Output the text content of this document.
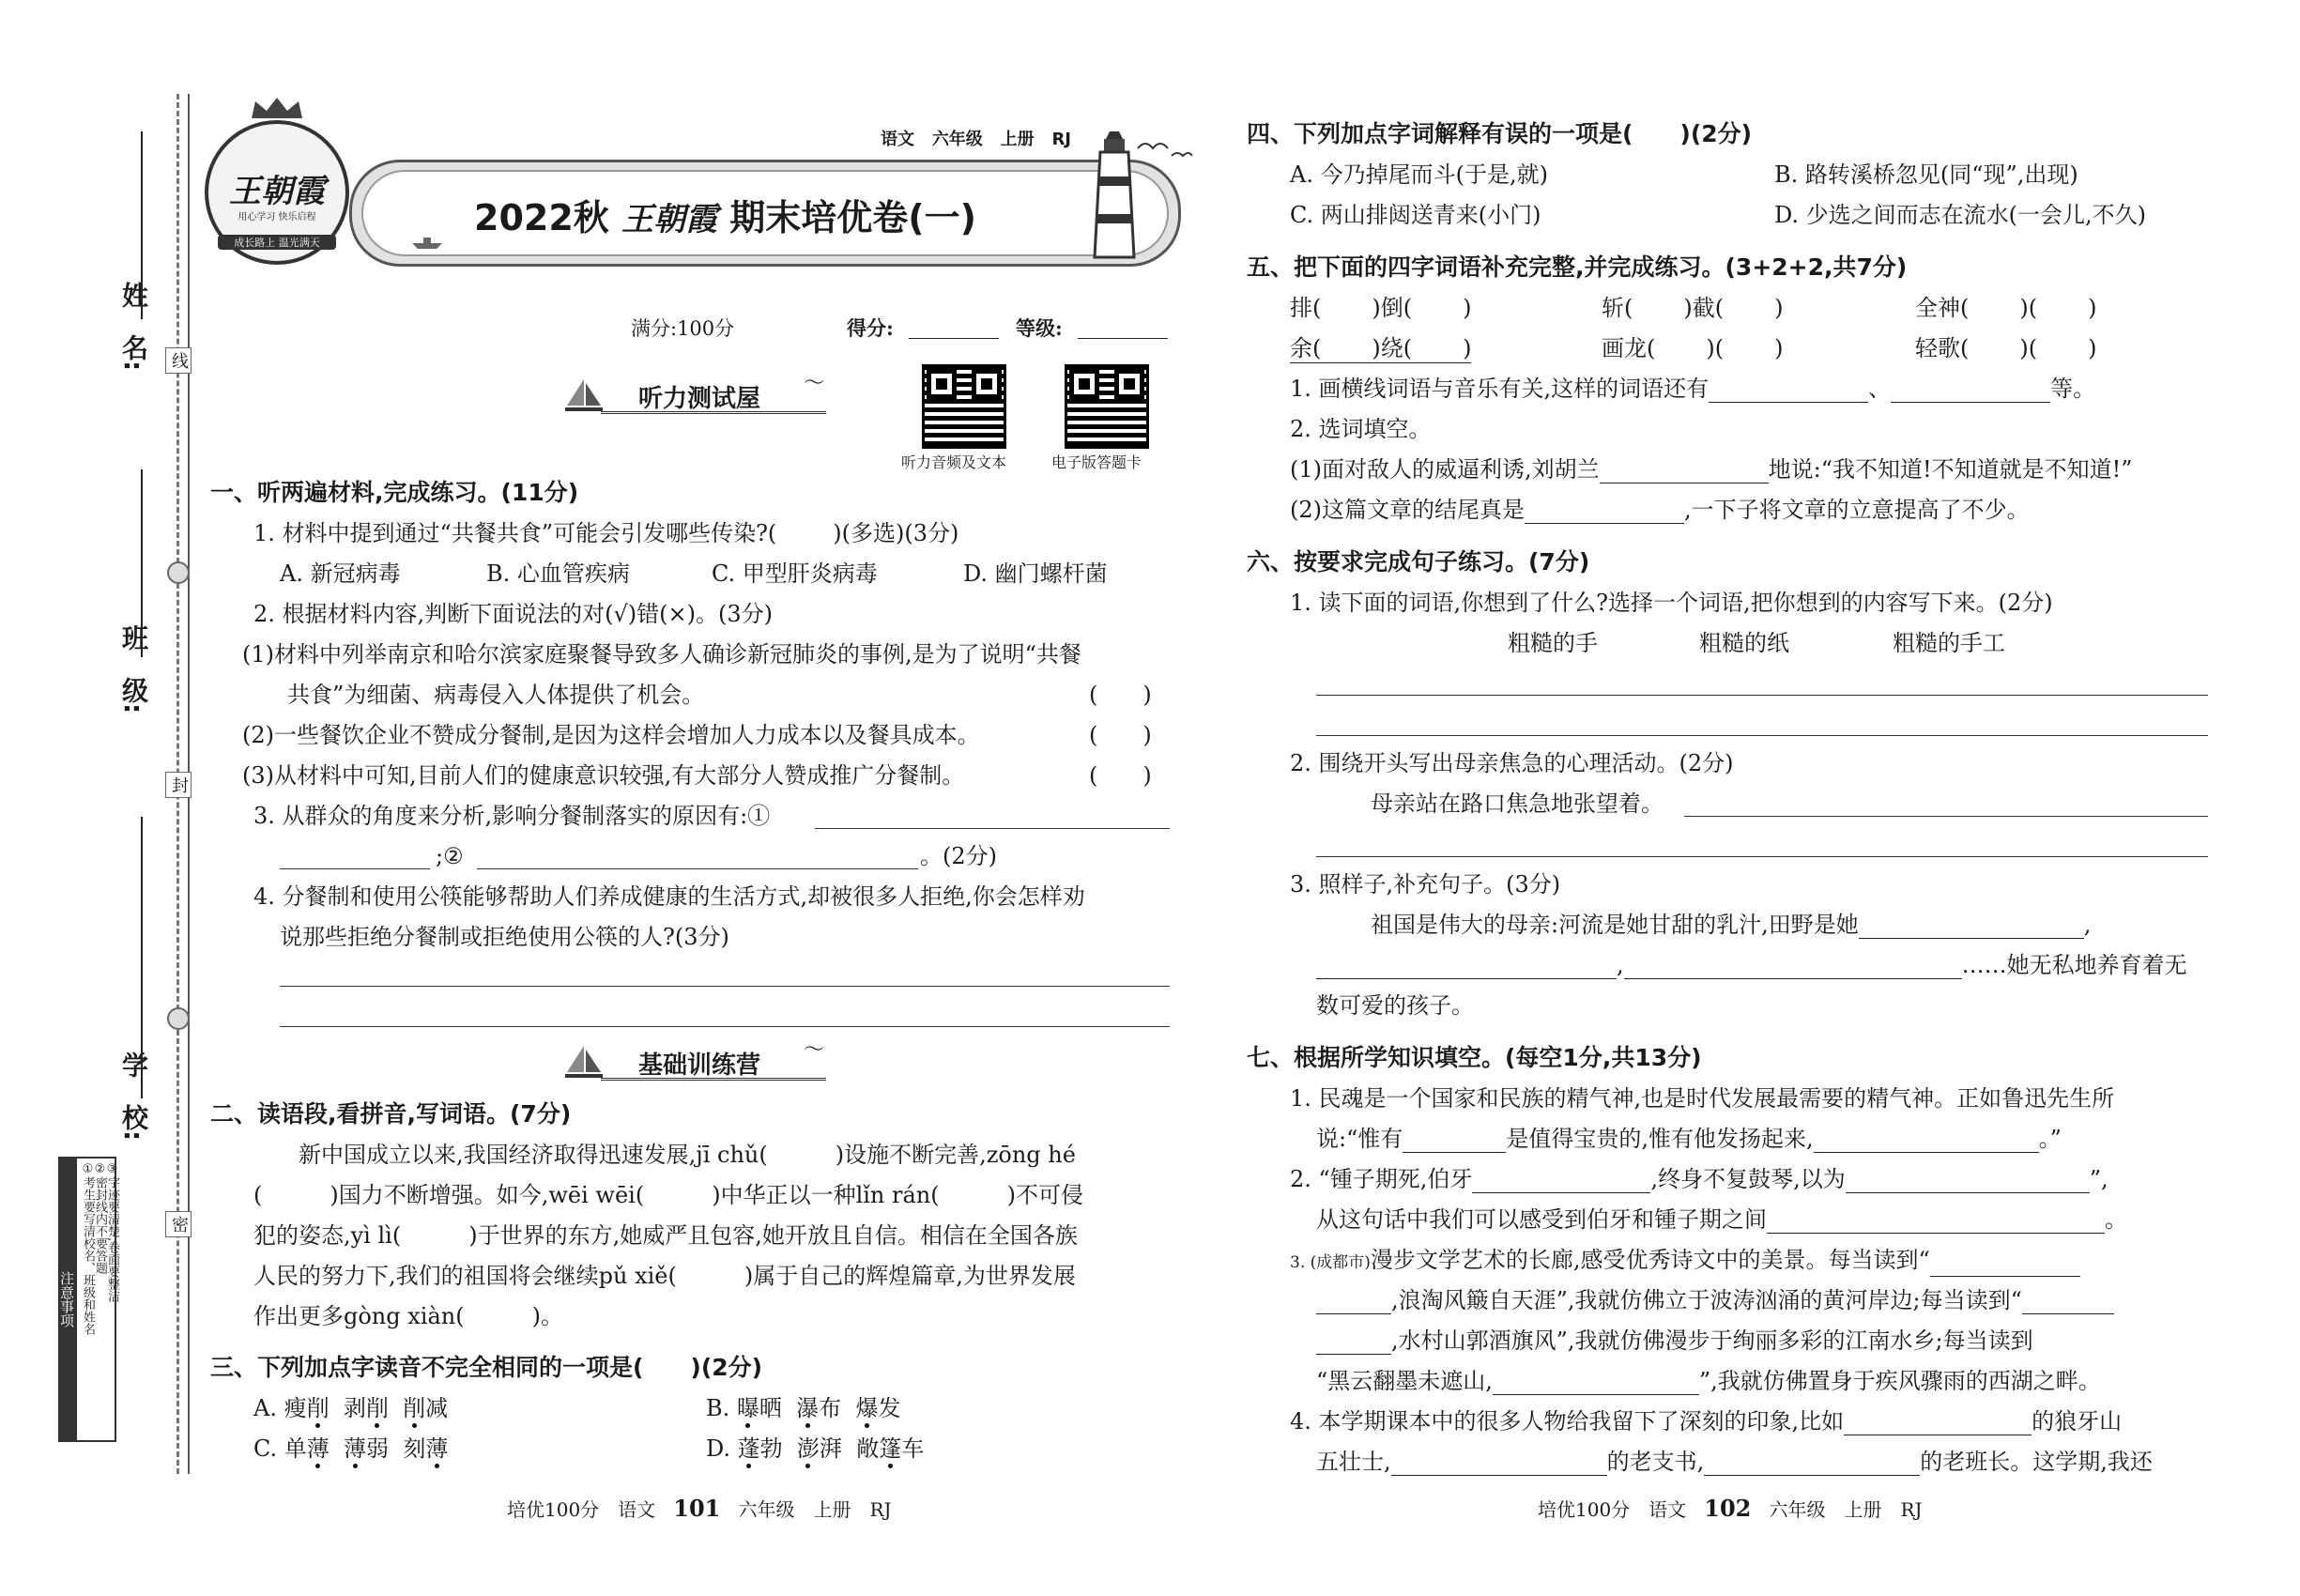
线
封
密
姓　名:
班　级:
学　校:
注意事项 ①考生要写清校名、班级和姓名
②密封线内不要答题
③字迹要清楚,卷面要整洁
王朝霞
用心学习 快乐启程
成长路上 温光满天
语文 六年级 上册 RJ
2022秋 王朝霞 期末培优卷(一)
满分:100分	得分:	等级:
听力测试屋
〜
听力音频及文本	电子版答题卡
一、听两遍材料,完成练习。(11分)
1. 材料中提到通过“共餐共食”可能会引发哪些传染?(	)(多选)(3分)
A. 新冠病毒	B. 心血管疾病	C. 甲型肝炎病毒	D. 幽门螺杆菌
2. 根据材料内容,判断下面说法的对(√)错(×)。(3分)
(1)材料中列举南京和哈尔滨家庭聚餐导致多人确诊新冠肺炎的事例,是为了说明“共餐
共食”为细菌、病毒侵入人体提供了机会。	(　　)
(2)一些餐饮企业不赞成分餐制,是因为这样会增加人力成本以及餐具成本。	(　　)
(3)从材料中可知,目前人们的健康意识较强,有大部分人赞成推广分餐制。	(　　)
3. 从群众的角度来分析,影响分餐制落实的原因有:①
;②	。(2分)
4. 分餐制和使用公筷能够帮助人们养成健康的生活方式,却被很多人拒绝,你会怎样劝
说那些拒绝分餐制或拒绝使用公筷的人?(3分)
基础训练营
〜
二、读语段,看拼音,写词语。(7分)
新中国成立以来,我国经济取得迅速发展,jī chǔ(	)设施不断完善,zōng hé
(	)国力不断增强。如今,wēi wēi(	)中华正以一种lǐn rán(	)不可侵
犯的姿态,yì lì(	)于世界的东方,她威严且包容,她开放且自信。相信在全国各族
人民的努力下,我们的祖国将会继续pǔ xiě(	)属于自己的辉煌篇章,为世界发展
作出更多gòng xiàn(	)。
三、下列加点字读音不完全相同的一项是(　　)(2分)
A. 瘦削 剥削 削减	B. 曝晒 瀑布 爆发
C. 单薄 薄弱 刻薄	D. 蓬勃 澎湃 敞篷车
培优100分　语文 101 六年级　上册　RJ
四、下列加点字词解释有误的一项是(　　)(2分)
A. 今乃掉尾而斗(于是,就)	B. 路转溪桥忽见(同“现”,出现)
C. 两山排闼送青来(小门)	D. 少选之间而志在流水(一会儿,不久)
五、把下面的四字词语补充完整,并完成练习。(3+2+2,共7分)
排( )倒( )	斩( )截( )	全神( )( )
余( )绕( )	画龙( )( )	轻歌( )( )
1. 画横线词语与音乐有关,这样的词语还有	、	等。
2. 选词填空。
(1)面对敌人的威逼利诱,刘胡兰	地说:“我不知道!不知道就是不知道!”
(2)这篇文章的结尾真是	,一下子将文章的立意提高了不少。
六、按要求完成句子练习。(7分)
1. 读下面的词语,你想到了什么?选择一个词语,把你想到的内容写下来。(2分)
粗糙的手	粗糙的纸	粗糙的手工
2. 围绕开头写出母亲焦急的心理活动。(2分)
母亲站在路口焦急地张望着。
3. 照样子,补充句子。(3分)
祖国是伟大的母亲:河流是她甘甜的乳汁,田野是她	,
,	……她无私地养育着无
数可爱的孩子。
七、根据所学知识填空。(每空1分,共13分)
1. 民魂是一个国家和民族的精气神,也是时代发展最需要的精气神。正如鲁迅先生所
说:“惟有	是值得宝贵的,惟有他发扬起来,	。”
2. “锺子期死,伯牙	,终身不复鼓琴,以为	”,
从这句话中我们可以感受到伯牙和锺子期之间	。
3. (成都市)漫步文学艺术的长廊,感受优秀诗文中的美景。每当读到“
,浪淘风簸自天涯”,我就仿佛立于波涛汹涌的黄河岸边;每当读到“
,水村山郭酒旗风”,我就仿佛漫步于绚丽多彩的江南水乡;每当读到
“黑云翻墨未遮山,	”,我就仿佛置身于疾风骤雨的西湖之畔。
4. 本学期课本中的很多人物给我留下了深刻的印象,比如	的狼牙山
五壮士,	的老支书,	的老班长。这学期,我还
培优100分　语文 102 六年级　上册　RJ
